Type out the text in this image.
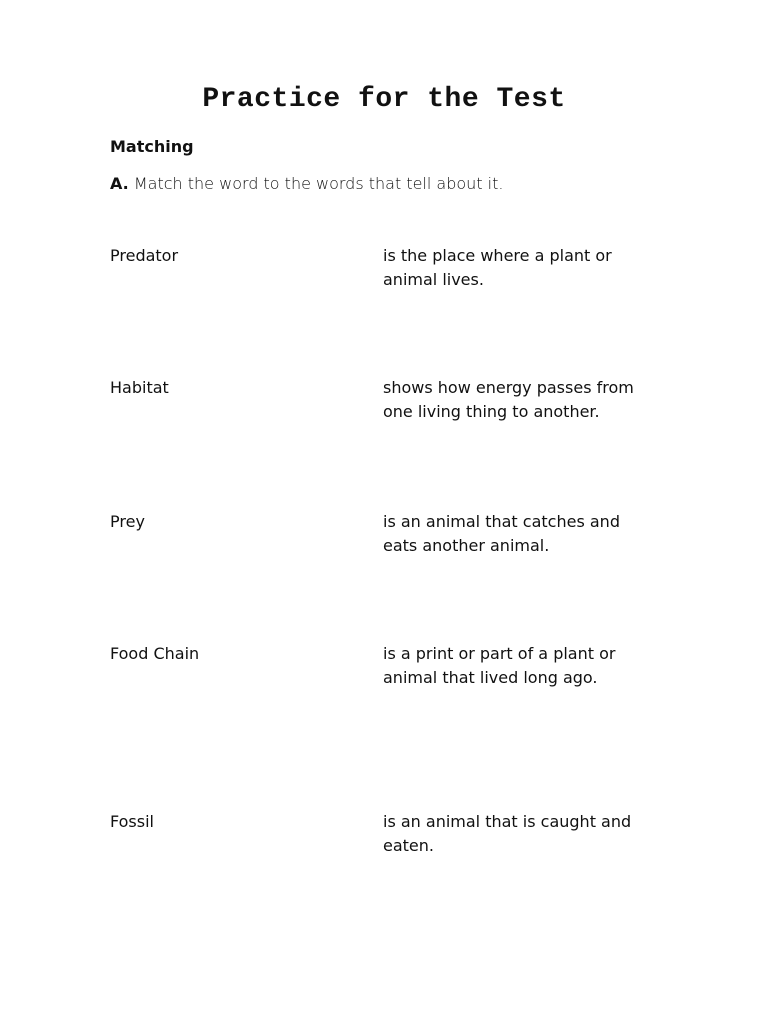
Practice for the Test
Matching
A. Match the word to the words that tell about it.
Predator	is the place where a plant or
animal lives.
Habitat	shows how energy passes from
one living thing to another.
Prey	is an animal that catches and
eats another animal.
Food Chain	is a print or part of a plant or
animal that lived long ago.
Fossil	is an animal that is caught and
eaten.
